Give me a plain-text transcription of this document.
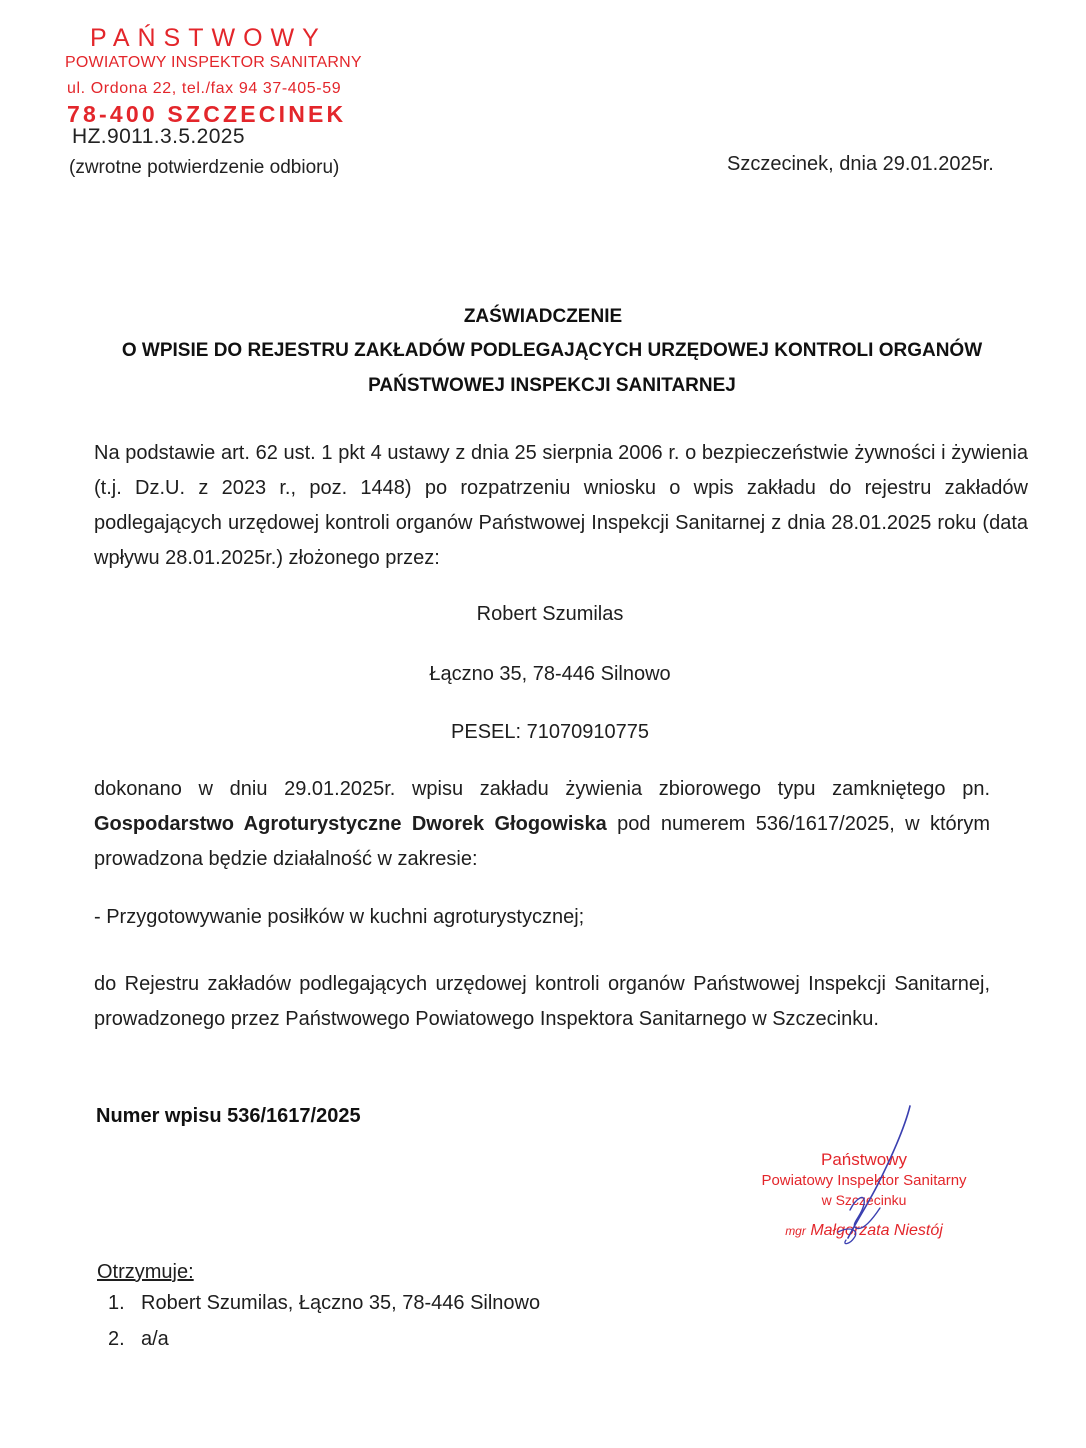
PAŃSTWOWY
POWIATOWY INSPEKTOR SANITARNY
ul. Ordona 22, tel./fax 94 37-405-59
78-400 SZCZECINEK
HZ.9011.3.5.2025
(zwrotne potwierdzenie odbioru)	Szczecinek, dnia 29.01.2025r.
ZAŚWIADCZENIE
O WPISIE DO REJESTRU ZAKŁADÓW PODLEGAJĄCYCH URZĘDOWEJ KONTROLI ORGANÓW
PAŃSTWOWEJ INSPEKCJI SANITARNEJ

Na podstawie art. 62 ust. 1 pkt 4 ustawy z dnia 25 sierpnia 2006 r. o bezpieczeństwie żywności i żywienia (t.j. Dz.U. z 2023 r., poz. 1448) po rozpatrzeniu wniosku o wpis zakładu do rejestru zakładów podlegających urzędowej kontroli organów Państwowej Inspekcji Sanitarnej z dnia 28.01.2025 roku (data wpływu 28.01.2025r.) złożonego przez:

Robert Szumilas
Łączno 35, 78-446 Silnowo
PESEL: 71070910775

dokonano w dniu 29.01.2025r. wpisu zakładu żywienia zbiorowego typu zamkniętego pn. Gospodarstwo Agroturystyczne Dworek Głogowiska pod numerem 536/1617/2025, w którym prowadzona będzie działalność w zakresie:

- Przygotowywanie posiłków w kuchni agroturystycznej;

do Rejestru zakładów podlegających urzędowej kontroli organów Państwowej Inspekcji Sanitarnej, prowadzonego przez Państwowego Powiatowego Inspektora Sanitarnego w Szczecinku.

Numer wpisu 536/1617/2025
Państwowy
Powiatowy Inspektor Sanitarny
w Szczecinku
mgr Małgorzata Niestój
Otrzymuje:
1. Robert Szumilas, Łączno 35, 78-446 Silnowo
2. a/a
